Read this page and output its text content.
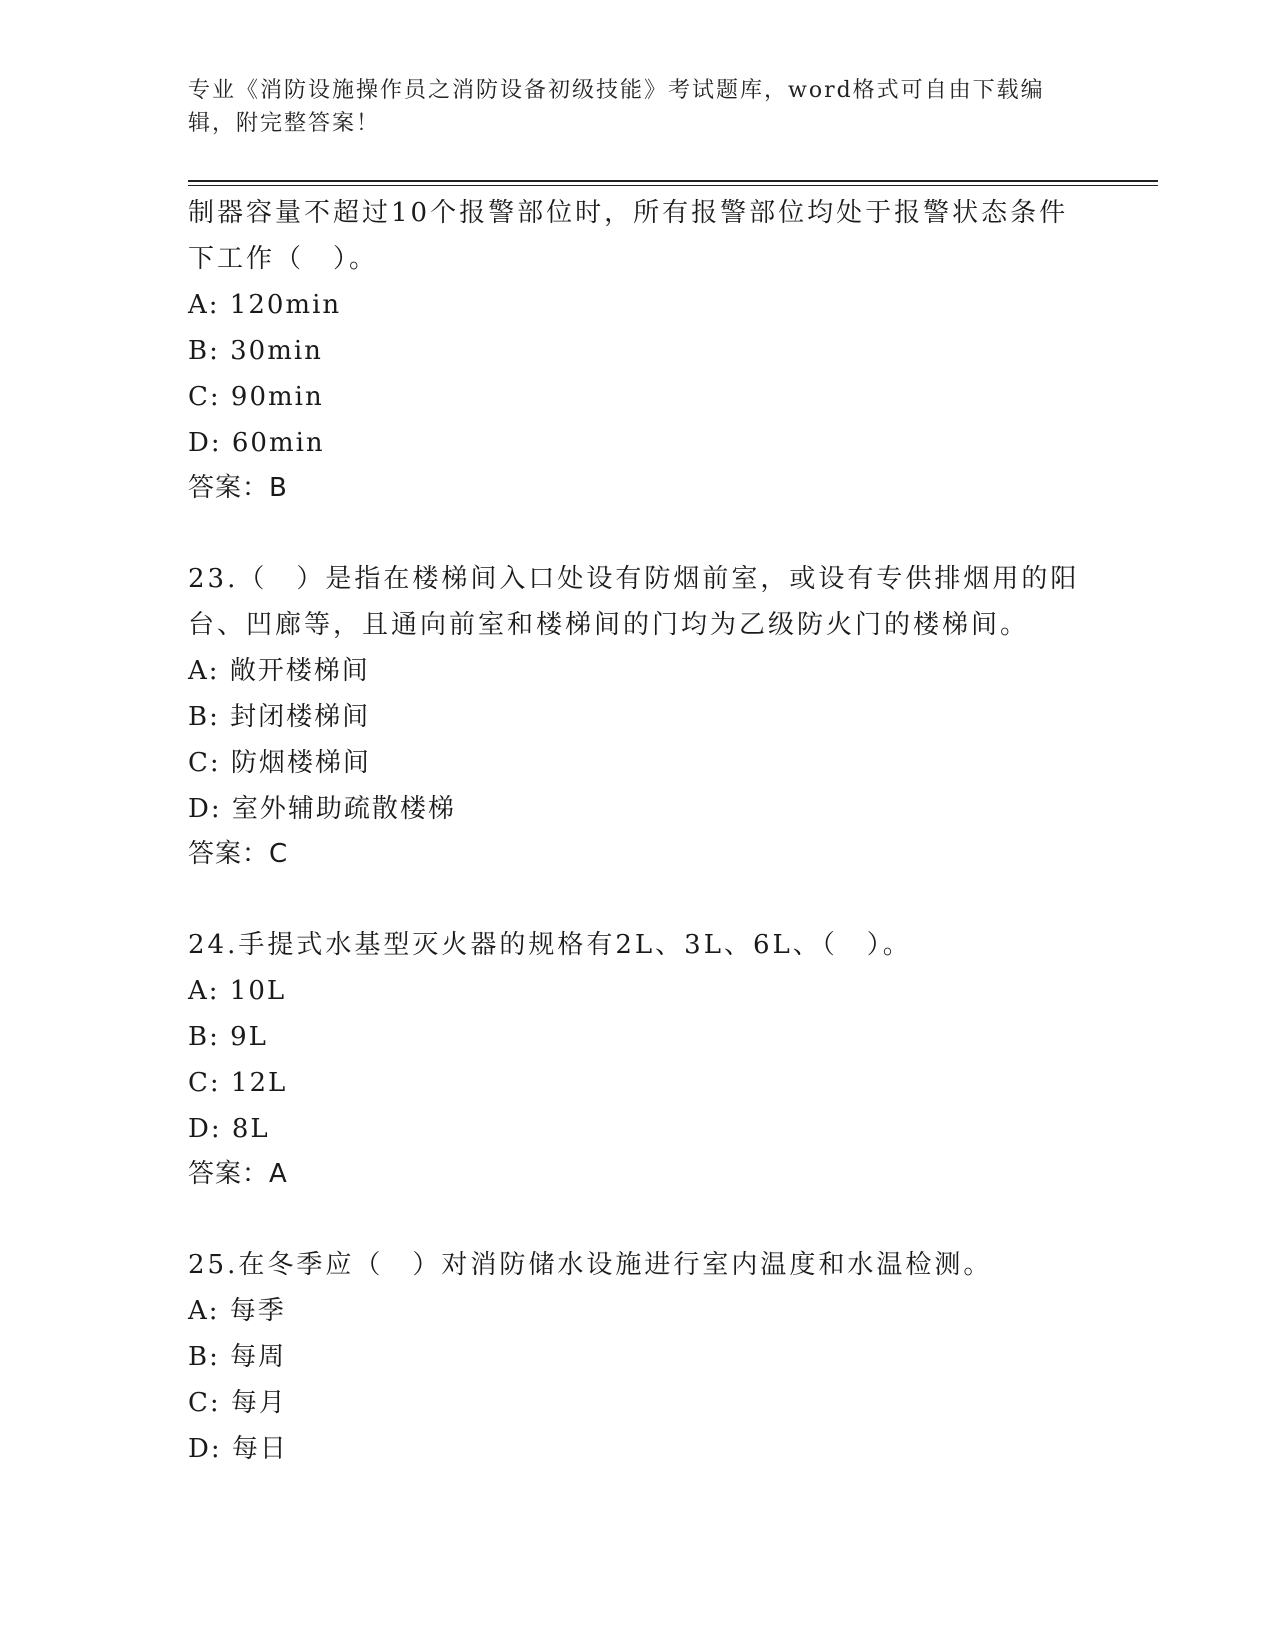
专业《消防设施操作员之消防设备初级技能》考试题库，word格式可自由下载编
辑，附完整答案！

制器容量不超过10个报警部位时，所有报警部位均处于报警状态条件

下工作（　）。

A: 120min
B: 30min
C: 90min
D: 60min

答案：B

23.（　）是指在楼梯间入口处设有防烟前室，或设有专供排烟用的阳

台、凹廊等，且通向前室和楼梯间的门均为乙级防火门的楼梯间。

A: 敞开楼梯间
B: 封闭楼梯间
C: 防烟楼梯间
D: 室外辅助疏散楼梯

答案：C

24.手提式水基型灭火器的规格有2L、3L、6L、（　）。

A: 10L
B: 9L
C: 12L
D: 8L

答案：A

25.在冬季应（　）对消防储水设施进行室内温度和水温检测。

A: 每季
B: 每周
C: 每月
D: 每日
